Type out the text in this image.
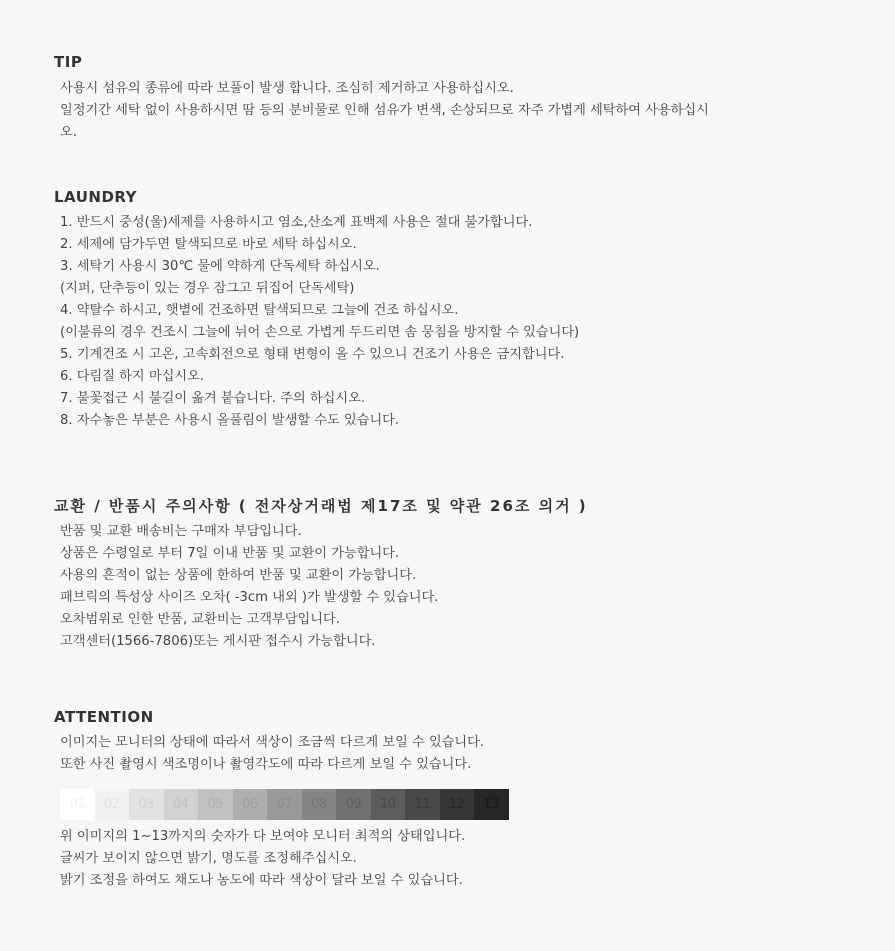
TIP
사용시 섬유의 종류에 따라 보풀이 발생 합니다. 조심히 제거하고 사용하십시오.
일정기간 세탁 없이 사용하시면 땀 등의 분비물로 인해 섬유가 변색, 손상되므로 자주 가볍게 세탁하여 사용하십시
오.
LAUNDRY
1. 반드시 중성(울)세제를 사용하시고 염소,산소계 표백제 사용은 절대 불가합니다.
2. 세제에 담가두면 탈색되므로 바로 세탁 하십시오.
3. 세탁기 사용시 30℃ 물에 약하게 단독세탁 하십시오.
(지퍼, 단추등이 있는 경우 잠그고 뒤집어 단독세탁)
4. 약탈수 하시고, 햇볕에 건조하면 탈색되므로 그늘에 건조 하십시오.
(이불류의 경우 건조시 그늘에 뉘어 손으로 가볍게 두드리면 솜 뭉침을 방지할 수 있습니다)
5. 기계건조 시 고온, 고속회전으로 형태 변형이 올 수 있으니 건조기 사용은 금지합니다.
6. 다림질 하지 마십시오.
7. 불꽃접근 시 불길이 옮겨 붙습니다. 주의 하십시오.
8. 자수놓은 부분은 사용시 올풀림이 발생할 수도 있습니다.
교환 / 반품시 주의사항 ( 전자상거래법 제17조 및 약관 26조 의거 )
반품 및 교환 배송비는 구매자 부담입니다.
상품은 수령일로 부터 7일 이내 반품 및 교환이 가능합니다.
사용의 흔적이 없는 상품에 한하여 반품 및 교환이 가능합니다.
패브릭의 특성상 사이즈 오차( -3cm 내외 )가 발생할 수 있습니다.
오차범위로 인한 반품, 교환비는 고객부담입니다.
고객센터(1566-7806)또는 게시판 접수시 가능합니다.
ATTENTION
이미지는 모니터의 상태에 따라서 색상이 조금씩 다르게 보일 수 있습니다.
또한 사진 촬영시 색조명이나 촬영각도에 따라 다르게 보일 수 있습니다.
01	02	03	04	05	06	07	08	09	10	11	12	13
위 이미지의 1~13까지의 숫자가 다 보여야 모니터 최적의 상태입니다.
글씨가 보이지 않으면 밝기, 명도를 조정해주십시오.
밝기 조정을 하여도 채도나 농도에 따라 색상이 달라 보일 수 있습니다.
